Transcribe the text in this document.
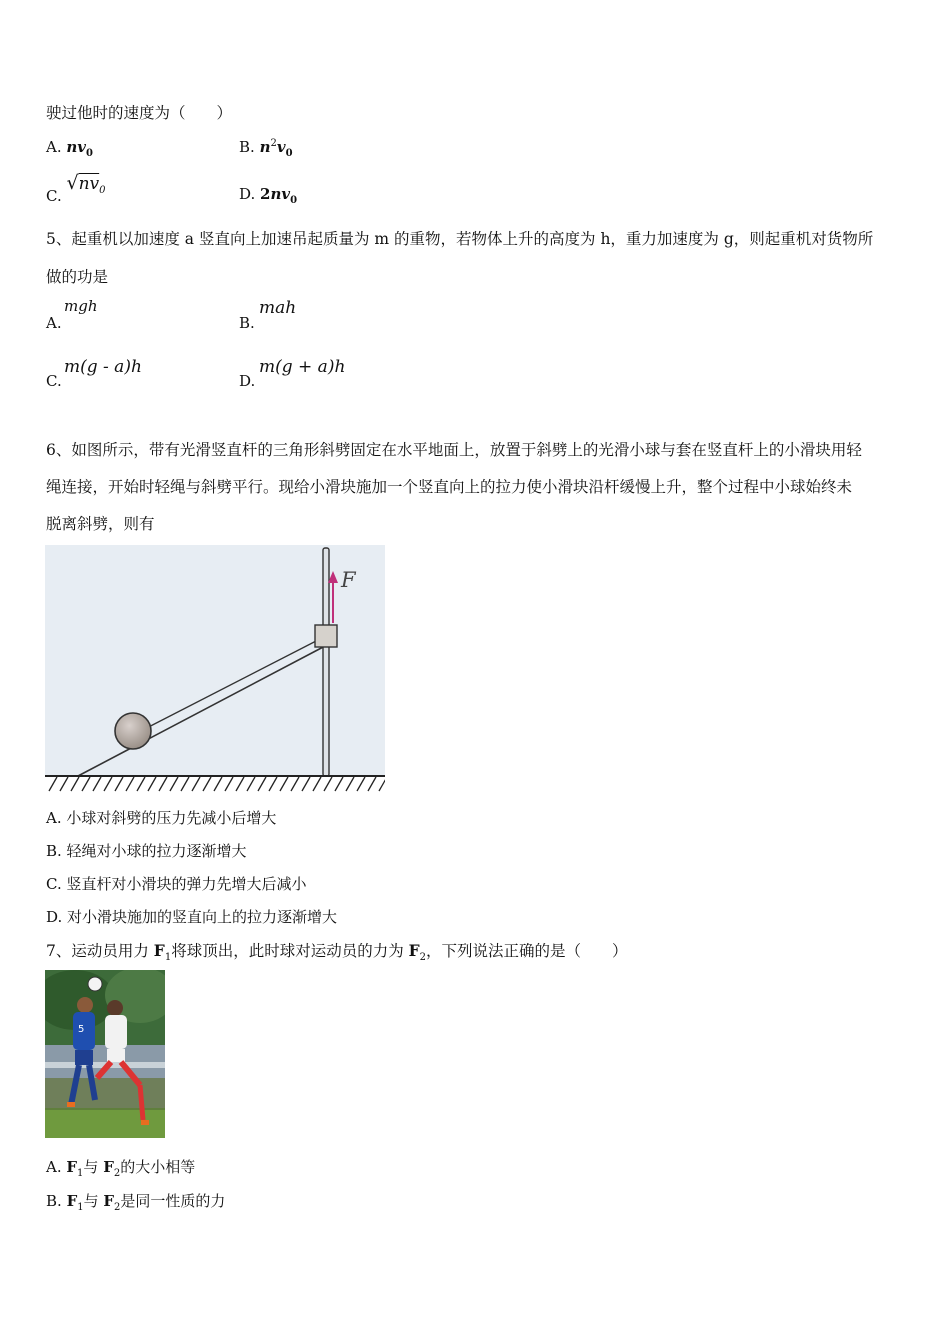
驶过他时的速度为（　　）
A. $nv_0$	B. $n^2v_0$
C. $√nv_0$	D. $2nv_0$
5、起重机以加速度 a 竖直向上加速吊起质量为 m 的重物，若物体上升的高度为 h，重力加速度为 g，则起重机对货物所
做的功是
A.
mgh
B.
mah
C.
m(g - a)h
D.
m(g + a)h
6、如图所示，带有光滑竖直杆的三角形斜劈固定在水平地面上，放置于斜劈上的光滑小球与套在竖直杆上的小滑块用轻
绳连接，开始时轻绳与斜劈平行。现给小滑块施加一个竖直向上的拉力使小滑块沿杆缓慢上升，整个过程中小球始终未
脱离斜劈，则有
F
A. 小球对斜劈的压力先减小后增大
B. 轻绳对小球的拉力逐渐增大
C. 竖直杆对小滑块的弹力先增大后减小
D. 对小滑块施加的竖直向上的拉力逐渐增大
7、运动员用力 $F_1$将球顶出，此时球对运动员的力为 $F_2$，下列说法正确的是（　　）
5
A. $F_1$与 $F_2$的大小相等
B. $F_1$与 $F_2$是同一性质的力
